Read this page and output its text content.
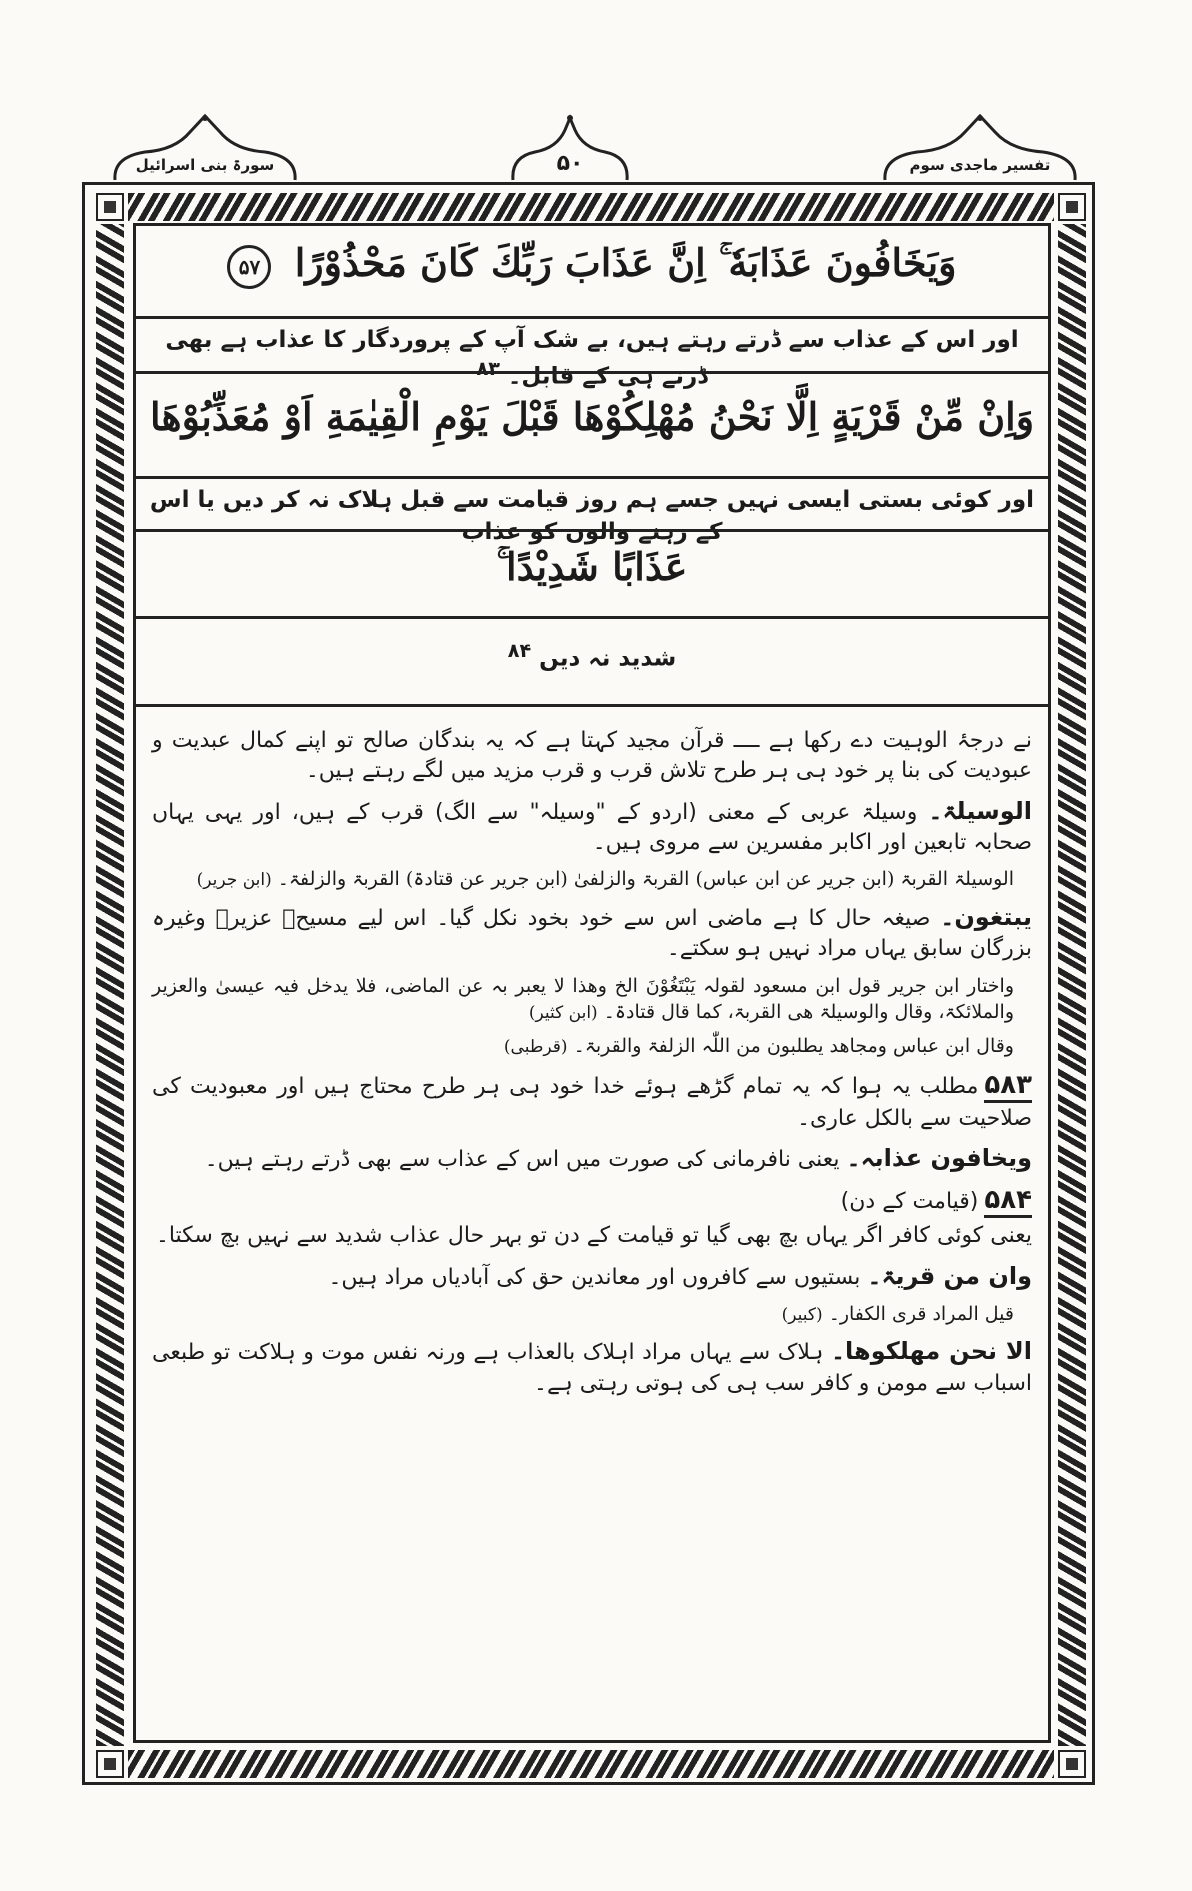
سورۃ بنی اسرائیل	۵۰	تفسیر ماجدی سوم
وَيَخَافُونَ عَذَابَهٗ ۚ اِنَّ عَذَابَ رَبِّكَ كَانَ مَحْذُوْرًا ۵۷
اور اس کے عذاب سے ڈرتے رہتے ہیں، بے شک آپ کے پروردگار کا عذاب ہے بھی ڈرنے ہی کے قابل۔ $^{۸۳}$
وَاِنْ مِّنْ قَرْيَةٍ اِلَّا نَحْنُ مُهْلِكُوْهَا قَبْلَ يَوْمِ الْقِيٰمَةِ اَوْ مُعَذِّبُوْهَا
اور کوئی بستی ایسی نہیں جسے ہم روز قیامت سے قبل ہلاک نہ کر دیں یا اس کے رہنے والوں کو عذاب
عَذَابًا شَدِيْدًا ۚ
شدید نہ دیں $^{۸۴}$

نے درجۂ الوہیت دے رکھا ہے ــــ قرآن مجید کہتا ہے کہ یہ بندگان صالح تو اپنے کمال عبدیت و عبودیت کی بنا پر خود ہی ہر طرح تلاش قرب و قرب مزید میں لگے رہتے ہیں۔

الوسیلۃ۔ وسیلۃ عربی کے معنی (اردو کے "وسیلہ" سے الگ) قرب کے ہیں، اور یہی یہاں صحابہ تابعین اور اکابر مفسرین سے مروی ہیں۔

الوسیلۃ القربۃ (ابن جریر عن ابن عباس) القربۃ والزلفیٰ (ابن جریر عن قتادۃ) القربۃ والزلفۃ۔ (ابن جریر)

یبتغون۔ صیغہ حال کا ہے ماضی اس سے خود بخود نکل گیا۔ اس لیے مسیحؑ عزیرؑ وغیرہ بزرگان سابق یہاں مراد نہیں ہو سکتے۔

واختار ابن جریر قول ابن مسعود لقولہ یَبْتَغُوْنَ الخ وھذا لا یعبر بہ عن الماضی، فلا یدخل فیہ عیسیٰ والعزیر والملائکۃ، وقال والوسیلۃ ھی القربۃ، کما قال قتادۃ۔ (ابن کثیر)

وقال ابن عباس ومجاھد یطلبون من اللّٰہ الزلفۃ والقربۃ۔ (قرطبی)

۵۸۳مطلب یہ ہوا کہ یہ تمام گڑھے ہوئے خدا خود ہی ہر طرح محتاج ہیں اور معبودیت کی صلاحیت سے بالکل عاری۔

ویخافون عذابہ۔ یعنی نافرمانی کی صورت میں اس کے عذاب سے بھی ڈرتے رہتے ہیں۔

۵۸۴(قیامت کے دن)

یعنی کوئی کافر اگر یہاں بچ بھی گیا تو قیامت کے دن تو بہر حال عذاب شدید سے نہیں بچ سکتا۔

وان من قریۃ۔ بستیوں سے کافروں اور معاندین حق کی آبادیاں مراد ہیں۔

قیل المراد قری الکفار۔ (کبیر)

الا نحن مھلکوھا۔ ہلاک سے یہاں مراد اہلاک بالعذاب ہے ورنہ نفس موت و ہلاکت تو طبعی اسباب سے مومن و کافر سب ہی کی ہوتی رہتی ہے۔
